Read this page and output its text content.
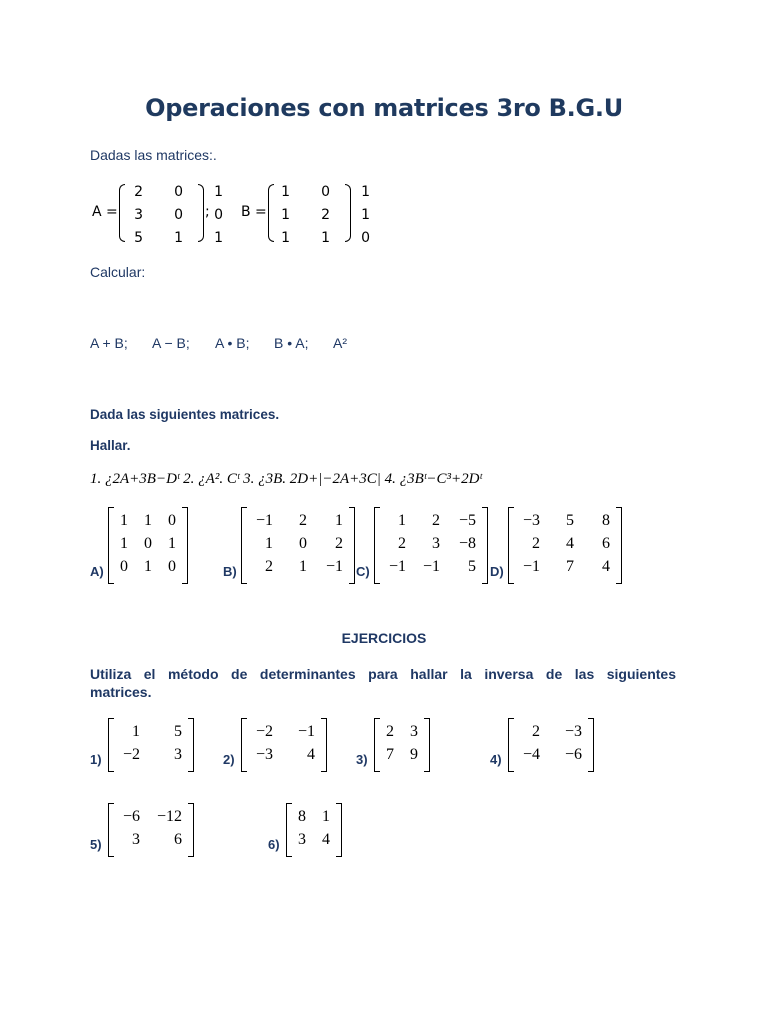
Operaciones con matrices 3ro B.G.U
Dadas las matrices:.
A =
2	0	1
3	0	0
5	1	1
; B =
1	0	1
1	2	1
1	1	0
Calcular:
A + B; A − B; A • B; B • A; A²
Dada las siguientes matrices.
Hallar.
1. ¿2A+3B−Dᵗ 2. ¿A². Cᵗ 3. ¿3B. 2D+|−2A+3C| 4. ¿3Bᵗ−C³+2Dᵗ
A)
1	1	0
1	0	1
0	1	0	B)
−1	2	1
1	0	2
2	1	−1 C)
1	2	−5
2	3	−8
−1	−1	5 D)
−3	5	8
2	4	6
−1	7	4
EJERCICIOS
Utiliza el método de determinantes para hallar la inversa de las siguientes
matrices.
1)
1	5
−2	3	2)
−2	−1
−3	4	3)
2	3
7	9	4)
2	−3
−4	−6
5)
−6	−12
3	6	6)
8	1
3	4
